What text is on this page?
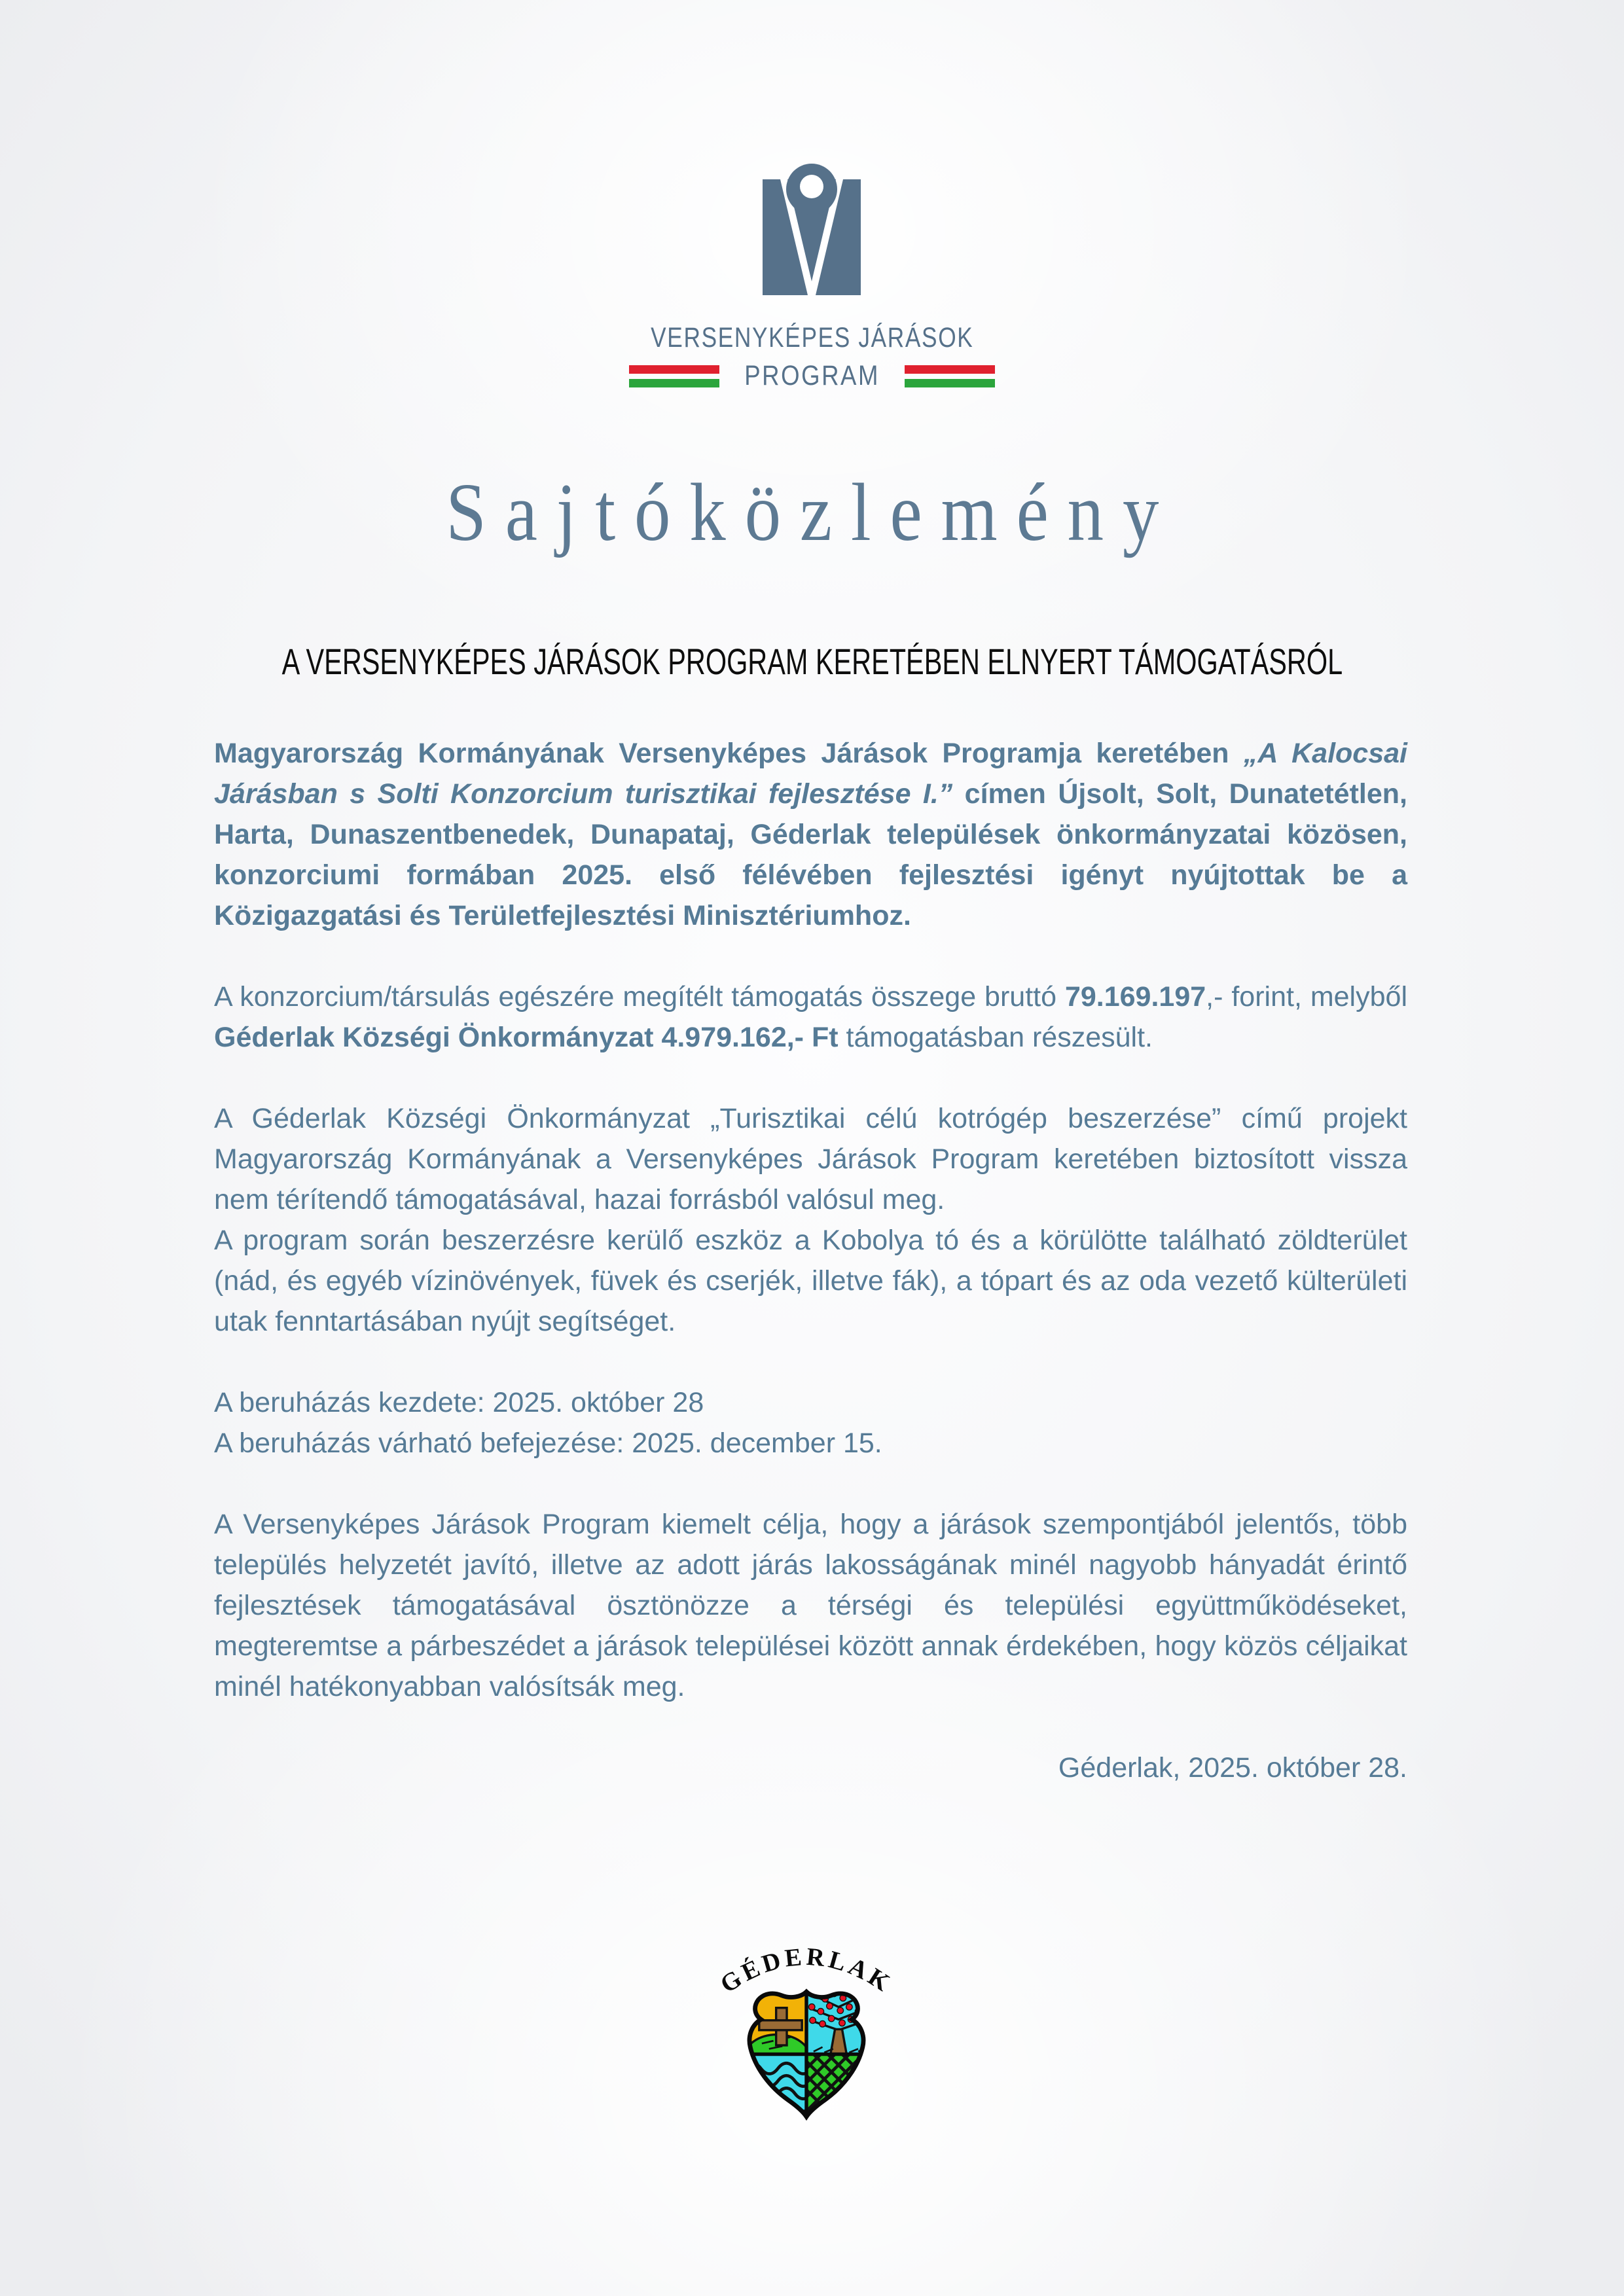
VERSENYKÉPES JÁRÁSOK
PROGRAM
Sajtóközlemény
A VERSENYKÉPES JÁRÁSOK PROGRAM KERETÉBEN ELNYERT TÁMOGATÁSRÓL

Magyarország Kormányának Versenyképes Járások Programja keretében „A Kalocsai Járásban s Solti Konzorcium turisztikai fejlesztése I.” címen Újsolt, Solt, Dunatetétlen, Harta, Dunaszentbenedek, Dunapataj, Géderlak települések önkormányzatai közösen, konzorciumi formában 2025. első félévében fejlesztési igényt nyújtottak be a Közigazgatási és Területfejlesztési Minisztériumhoz.

A konzorcium/társulás egészére megítélt támogatás összege bruttó 79.169.197,- forint, melyből Géderlak Községi Önkormányzat 4.979.162,- Ft támogatásban részesült.

A Géderlak Községi Önkormányzat „Turisztikai célú kotrógép beszerzése” című projekt Magyarország Kormányának a Versenyképes Járások Program keretében biztosított vissza nem térítendő támogatásával, hazai forrásból valósul meg.

A program során beszerzésre kerülő eszköz a Kobolya tó és a körülötte található zöldterület (nád, és egyéb vízinövények, füvek és cserjék, illetve fák), a tópart és az oda vezető külterületi utak fenntartásában nyújt segítséget.

A beruházás kezdete: 2025. október 28

A beruházás várható befejezése: 2025. december 15.

A Versenyképes Járások Program kiemelt célja, hogy a járások szempontjából jelentős, több település helyzetét javító, illetve az adott járás lakosságának minél nagyobb hányadát érintő fejlesztések támogatásával ösztönözze a térségi és települési együttműködéseket, megteremtse a párbeszédet a járások települései között annak érdekében, hogy közös céljaikat minél hatékonyabban valósítsák meg.

Géderlak, 2025. október 28.

GÉDERLAK
